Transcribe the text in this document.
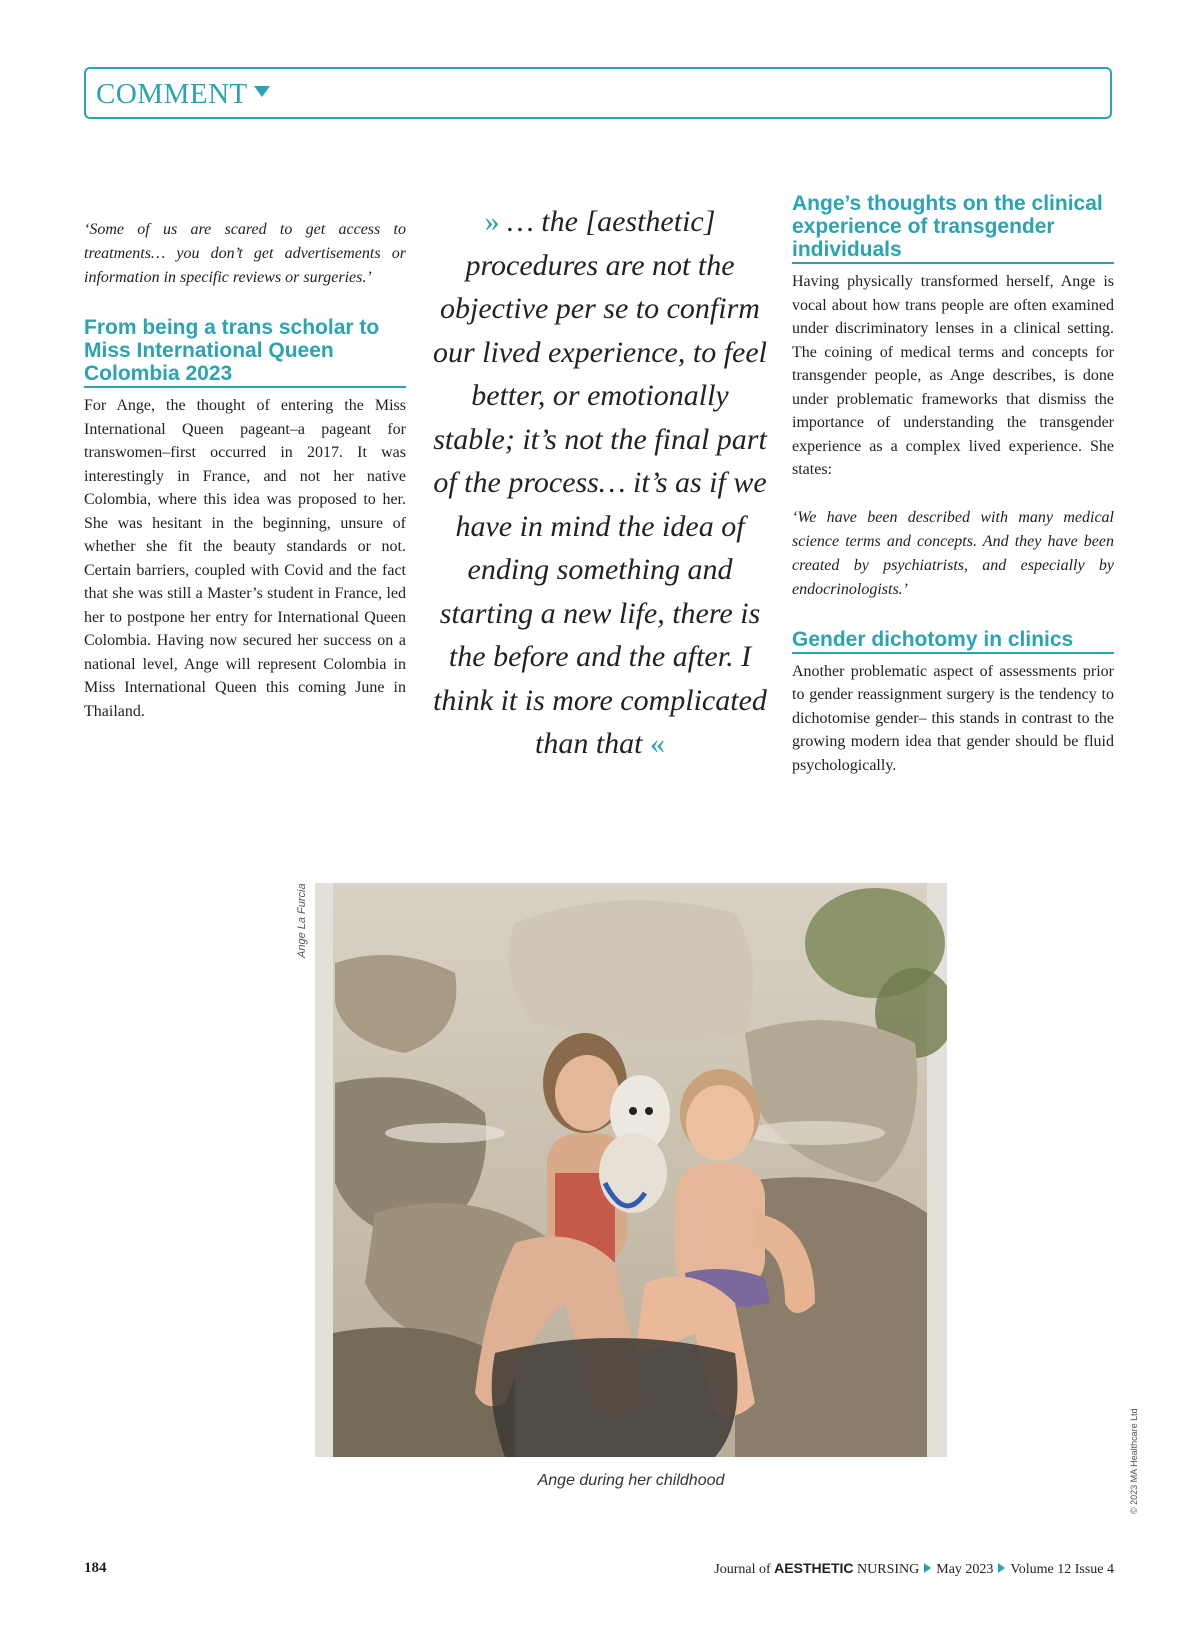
COMMENT

‘Some of us are scared to get access to treatments… you don’t get advertisements or information in specific reviews or surgeries.’

From being a trans scholar to Miss International Queen Colombia 2023

For Ange, the thought of entering the Miss International Queen pageant–a pageant for transwomen–first occurred in 2017. It was interestingly in France, and not her native Colombia, where this idea was proposed to her. She was hesitant in the beginning, unsure of whether she fit the beauty standards or not. Certain barriers, coupled with Covid and the fact that she was still a Master’s student in France, led her to postpone her entry for International Queen Colombia. Having now secured her success on a national level, Ange will represent Colombia in Miss International Queen this coming June in Thailand.

» … the [aesthetic] procedures are not the objective per se to confirm our lived experience, to feel better, or emotionally stable; it’s not the final part of the process… it’s as if we have in mind the idea of ending something and starting a new life, there is the before and the after. I think it is more complicated than that «

Ange’s thoughts on the clinical experience of transgender individuals

Having physically transformed herself, Ange is vocal about how trans people are often examined under discriminatory lenses in a clinical setting. The coining of medical terms and concepts for transgender people, as Ange describes, is done under problematic frameworks that dismiss the importance of understanding the transgender experience as a complex lived experience. She states:

‘We have been described with many medical science terms and concepts. And they have been created by psychiatrists, and especially by endocrinologists.’

Gender dichotomy in clinics

Another problematic aspect of assessments prior to gender reassignment surgery is the tendency to dichotomise gender– this stands in contrast to the growing modern idea that gender should be fluid psychologically.

Ange La Furcia
Ange during her childhood	© 2023 MA Healthcare Ltd
184	Journal of AESTHETIC NURSING May 2023 Volume 12 Issue 4
